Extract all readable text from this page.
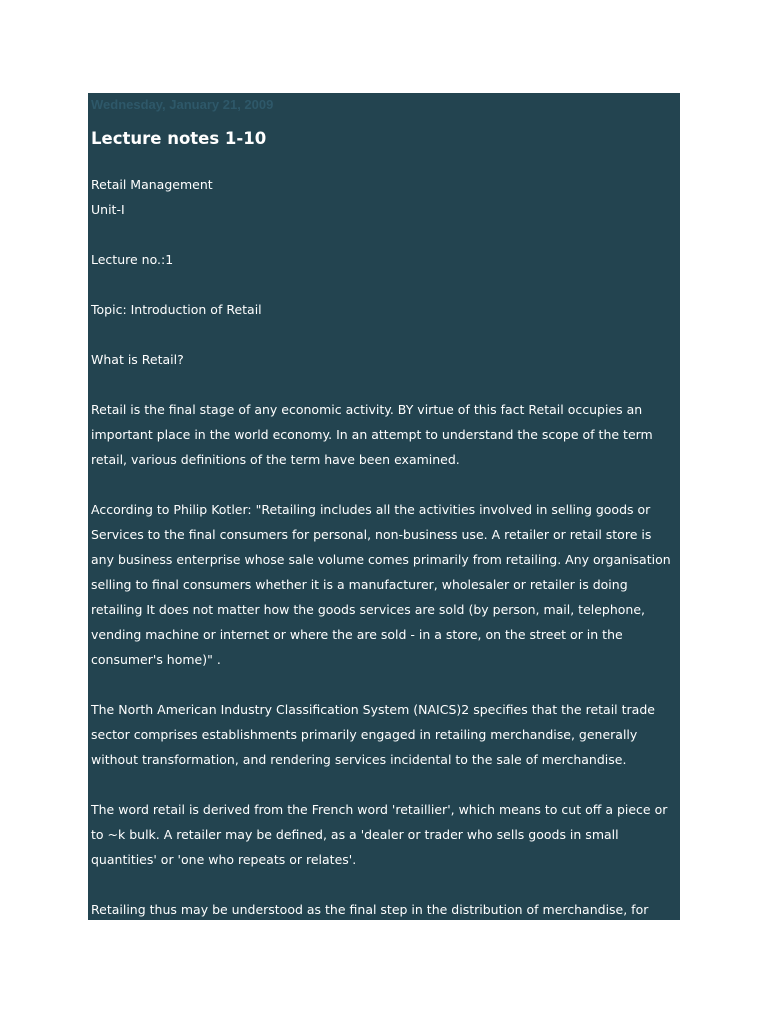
Wednesday, January 21, 2009
Lecture notes 1-10
Retail Management
Unit-I
Lecture no.:1
Topic: Introduction of Retail
What is Retail?
Retail is the final stage of any economic activity. BY virtue of this fact Retail occupies an
important place in the world economy. In an attempt to understand the scope of the term
retail, various definitions of the term have been examined.
According to Philip Kotler: "Retailing includes all the activities involved in selling goods or
Services to the final consumers for personal, non-business use. A retailer or retail store is
any business enterprise whose sale volume comes primarily from retailing. Any organisation
selling to final consumers whether it is a manufacturer, wholesaler or retailer is doing
retailing It does not matter how the goods services are sold (by person, mail, telephone,
vending machine or internet or where the are sold - in a store, on the street or in the
consumer's home)" .
The North American Industry Classification System (NAICS)2 specifies that the retail trade
sector comprises establishments primarily engaged in retailing merchandise, generally
without transformation, and rendering services incidental to the sale of merchandise.
The word retail is derived from the French word 'retaillier', which means to cut off a piece or
to ~k bulk. A retailer may be defined, as a 'dealer or trader who sells goods in small
quantities' or 'one who repeats or relates'.
Retailing thus may be understood as the final step in the distribution of merchandise, for
